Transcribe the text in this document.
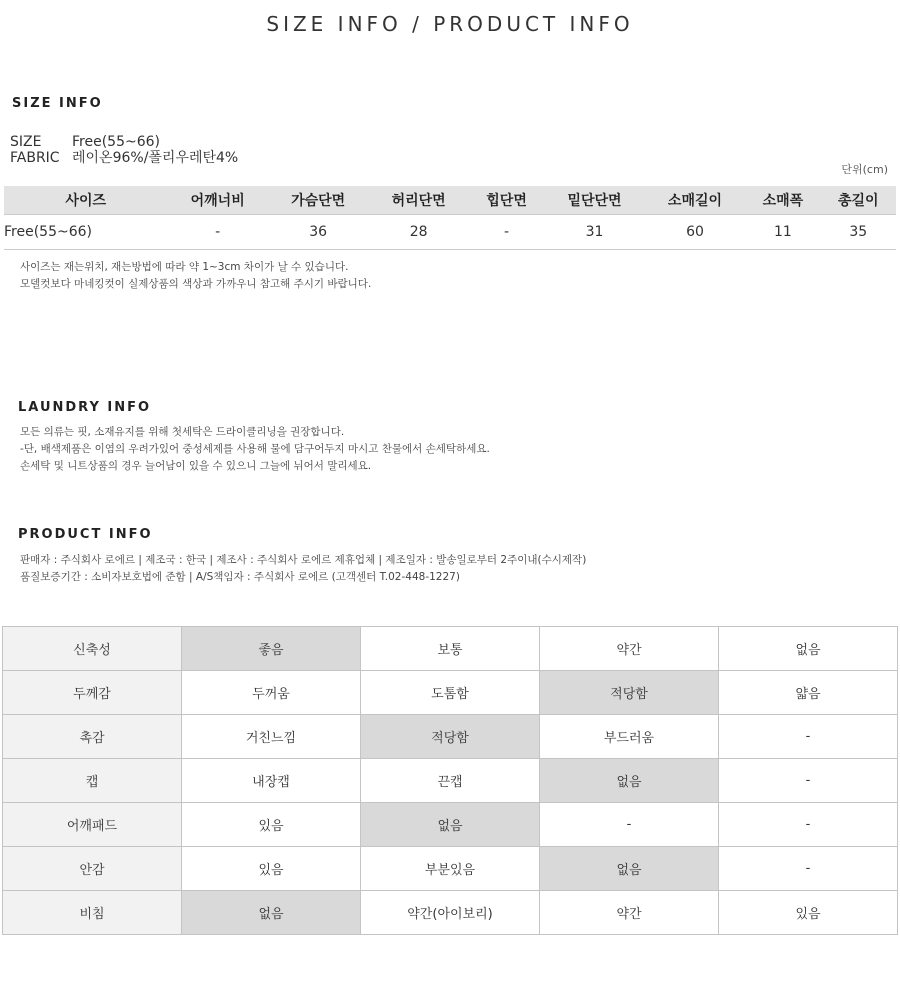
SIZE INFO / PRODUCT INFO
SIZE INFO
SIZE Free(55~66)
FABRIC 레이온96%/폴리우레탄4%
단위(cm)
사이즈	어깨너비	가슴단면	허리단면	힙단면	밑단단면	소매길이	소매폭	총길이
Free(55~66)	-	36	28	-	31	60	11	35
사이즈는 재는위치, 재는방법에 따라 약 1~3cm 차이가 날 수 있습니다.
모델컷보다 마네킹컷이 실제상품의 색상과 가까우니 참고해 주시기 바랍니다.
LAUNDRY INFO
모든 의류는 핏, 소재유지를 위해 첫세탁은 드라이클리닝을 권장합니다.
-단, 배색제품은 이염의 우려가있어 중성세제를 사용해 물에 담구어두지 마시고 찬물에서 손세탁하세요.
손세탁 및 니트상품의 경우 늘어남이 있을 수 있으니 그늘에 뉘어서 말리세요.
PRODUCT INFO
판매자 : 주식회사 로에르 | 제조국 : 한국 | 제조사 : 주식회사 로에르 제휴업체 | 제조일자 : 발송일로부터 2주이내(수시제작)
품질보증기간 : 소비자보호법에 준함 | A/S책임자 : 주식회사 로에르 (고객센터 T.02-448-1227)
신축성	좋음	보통	약간	없음
두께감	두꺼움	도톰함	적당함	얇음
촉감	거친느낌	적당함	부드러움	-
캡	내장캡	끈캡	없음	-
어깨패드	있음	없음	-	-
안감	있음	부분있음	없음	-
비침	없음	약간(아이보리)	약간	있음
